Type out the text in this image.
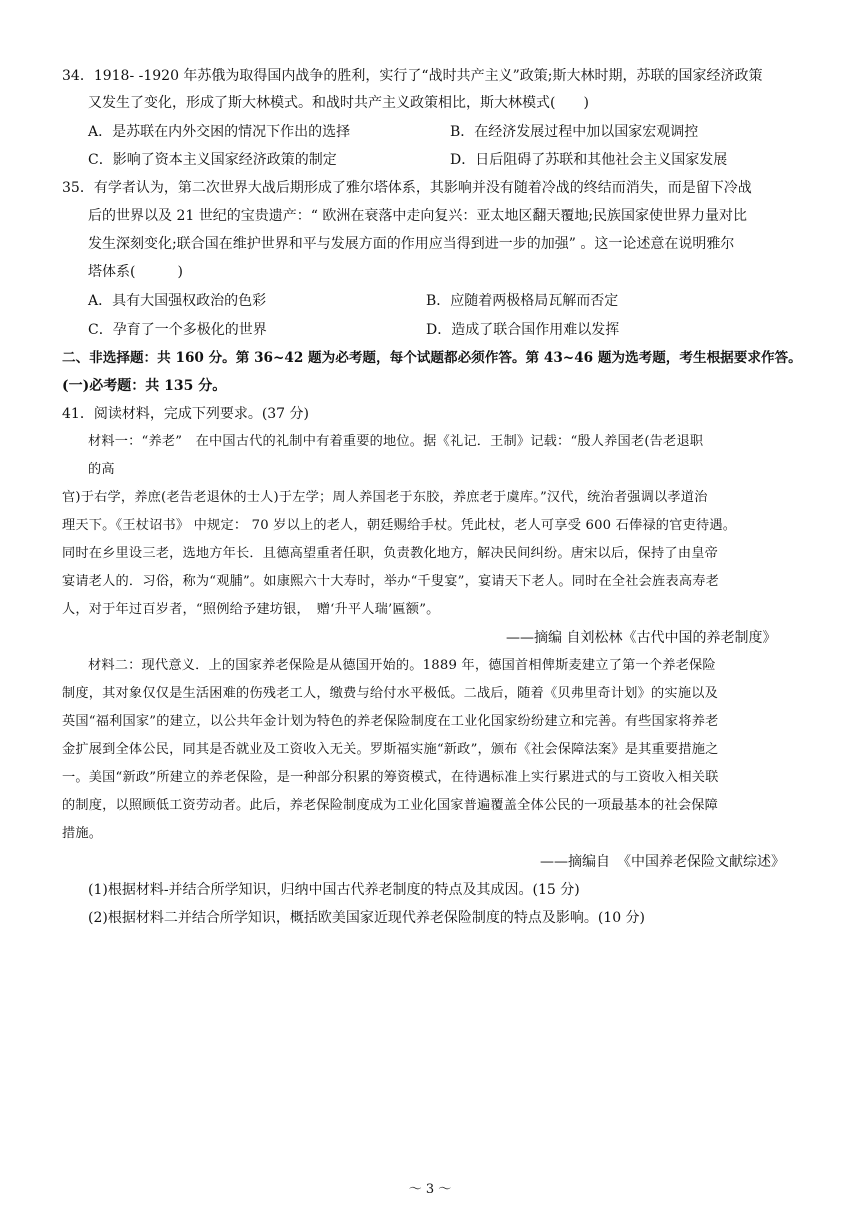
34．1918- -1920 年苏俄为取得国内战争的胜利，实行了“战时共产主义”政策;斯大林时期，苏联的国家经济政策
又发生了变化，形成了斯大林模式。和战时共产主义政策相比，斯大林模式(　　)
A．是苏联在内外交困的情况下作出的选择	B．在经济发展过程中加以国家宏观调控
C．影响了资本主义国家经济政策的制定	D．日后阻碍了苏联和其他社会主义国家发展
35．有学者认为，第二次世界大战后期形成了雅尔塔体系，其影响并没有随着冷战的终结而消失，而是留下冷战
后的世界以及 21 世纪的宝贵遗产：“ 欧洲在衰落中走向复兴：亚太地区翻天覆地;民族国家使世界力量对比
发生深刻变化;联合国在维护世界和平与发展方面的作用应当得到进一步的加强” 。这一论述意在说明雅尔
塔体系(　　　)
A．具有大国强权政治的色彩	B．应随着两极格局瓦解而否定
C．孕育了一个多极化的世界	D．造成了联合国作用难以发挥
二、非选择题：共 160 分。第 36~42 题为必考题，每个试题都必须作答。第 43~46 题为选考题，考生根据要求作答。
(一)必考题：共 135 分。
41．阅读材料，完成下列要求。(37 分)
材料一：“养老”　在中国古代的礼制中有着重要的地位。据《礼记．王制》记载：“殷人养国老(告老退职
的高
官)于右学，养庶(老告老退休的士人)于左学；周人养国老于东胶，养庶老于虞库。”汉代，统治者强调以孝道治
理天下。《王杖诏书》 中规定： 70 岁以上的老人，朝廷赐给手杖。凭此杖，老人可享受 600 石俸禄的官吏待遇。
同时在乡里设三老，选地方年长．且德高望重者任职，负责教化地方，解决民间纠纷。唐宋以后，保持了由皇帝
宴请老人的．习俗，称为“观脯”。如康熙六十大寿时，举办“千叟宴”，宴请天下老人。同时在全社会旌表高寿老
人，对于年过百岁者，“照例给予建坊银，　赠‘升平人瑞’匾额”。
——摘编 自刘松林《古代中国的养老制度》
材料二：现代意义．上的国家养老保险是从德国开始的。1889 年，德国首相俾斯麦建立了第一个养老保险
制度，其对象仅仅是生活困难的伤残老工人，缴费与给付水平极低。二战后，随着《贝弗里奇计划》的实施以及
英国“福利国家”的建立，以公共年金计划为特色的养老保险制度在工业化国家纷纷建立和完善。有些国家将养老
金扩展到全体公民，同其是否就业及工资收入无关。罗斯福实施“新政”，颁布《社会保障法案》是其重要措施之
一。美国“新政”所建立的养老保险，是一种部分积累的筹资模式，在待遇标准上实行累进式的与工资收入相关联
的制度，以照顾低工资劳动者。此后，养老保险制度成为工业化国家普遍覆盖全体公民的一项最基本的社会保障
措施。
——摘编自　《中国养老保险文献综述》
(1)根据材料-并结合所学知识，归纳中国古代养老制度的特点及其成因。(15 分)
(2)根据材料二并结合所学知识，概括欧美国家近现代养老保险制度的特点及影响。(10 分)
～ 3 ～
